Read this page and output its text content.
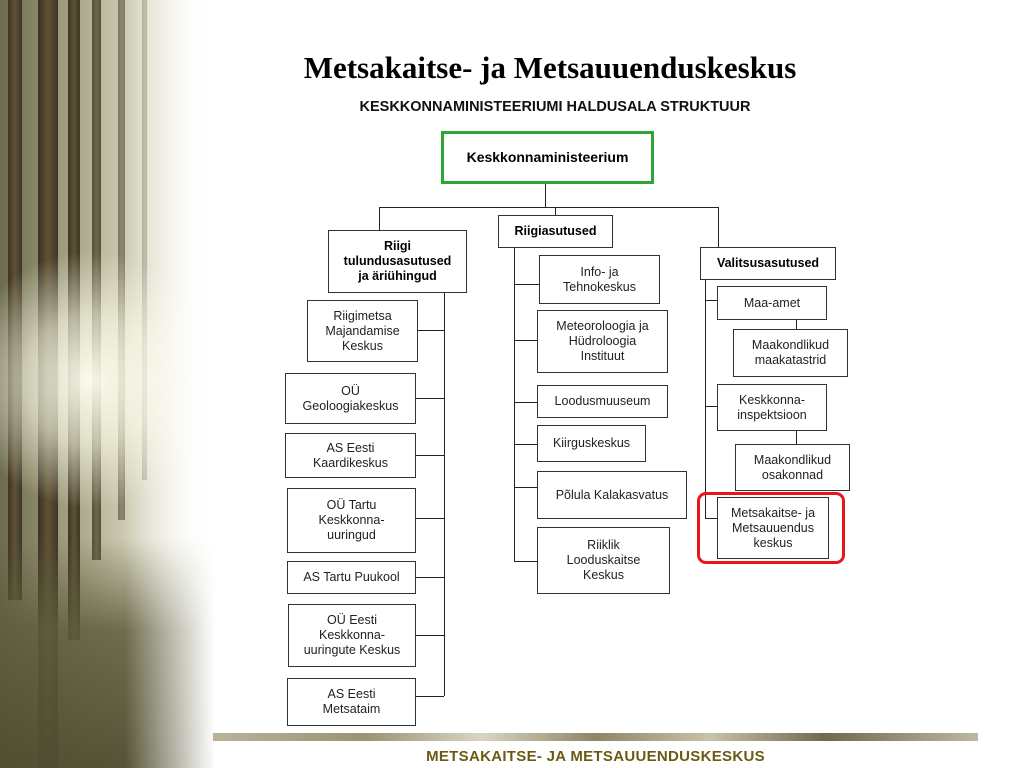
Metsakaitse- ja Metsauuenduskeskus
KESKKONNAMINISTEERIUMI HALDUSALA STRUKTUUR
Keskkonnaministeerium
Riigi
tulundusasutused
ja äriühingud
Riigiasutused
Valitsusasutused
Riigimetsa
Majandamise
Keskus
OÜ
Geoloogiakeskus
AS Eesti
Kaardikeskus
OÜ Tartu
Keskkonna-
uuringud
AS Tartu Puukool
OÜ Eesti
Keskkonna-
uuringute Keskus
AS Eesti
Metsataim
Info- ja
Tehnokeskus
Meteoroloogia ja
Hüdroloogia
Instituut
Loodusmuuseum
Kiirguskeskus
Põlula Kalakasvatus
Riiklik
Looduskaitse
Keskus
Maa-amet
Maakondlikud
maakatastrid
Keskkonna-
inspektsioon
Maakondlikud
osakonnad
Metsakaitse- ja
Metsauuendus
keskus
METSAKAITSE- JA METSAUUENDUSKESKUS
